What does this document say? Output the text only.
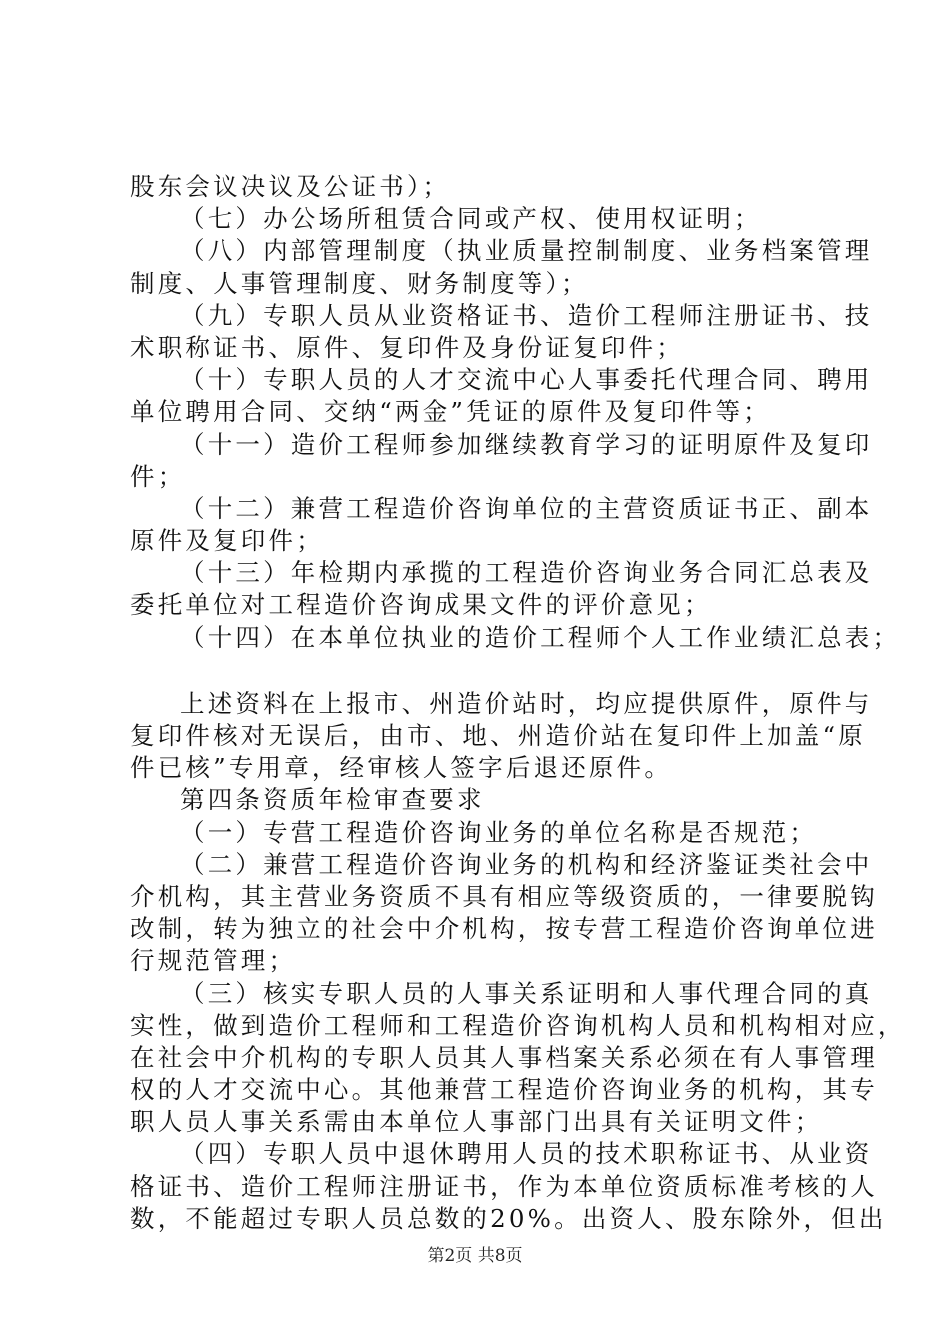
股东会议决议及公证书）；
（七）办公场所租赁合同或产权、使用权证明；
（八）内部管理制度（执业质量控制制度、业务档案管理
制度、人事管理制度、财务制度等）；
（九）专职人员从业资格证书、造价工程师注册证书、技
术职称证书、原件、复印件及身份证复印件；
（十）专职人员的人才交流中心人事委托代理合同、聘用
单位聘用合同、交纳“两金”凭证的原件及复印件等；
（十一）造价工程师参加继续教育学习的证明原件及复印
件；
（十二）兼营工程造价咨询单位的主营资质证书正、副本
原件及复印件；
（十三）年检期内承揽的工程造价咨询业务合同汇总表及
委托单位对工程造价咨询成果文件的评价意见；
（十四）在本单位执业的造价工程师个人工作业绩汇总表；
上述资料在上报市、州造价站时，均应提供原件，原件与
复印件核对无误后，由市、地、州造价站在复印件上加盖“原
件已核”专用章，经审核人签字后退还原件。
第四条资质年检审查要求
（一）专营工程造价咨询业务的单位名称是否规范；
（二）兼营工程造价咨询业务的机构和经济鉴证类社会中
介机构，其主营业务资质不具有相应等级资质的，一律要脱钩
改制，转为独立的社会中介机构，按专营工程造价咨询单位进
行规范管理；
（三）核实专职人员的人事关系证明和人事代理合同的真
实性，做到造价工程师和工程造价咨询机构人员和机构相对应，
在社会中介机构的专职人员其人事档案关系必须在有人事管理
权的人才交流中心。其他兼营工程造价咨询业务的机构，其专
职人员人事关系需由本单位人事部门出具有关证明文件；
（四）专职人员中退休聘用人员的技术职称证书、从业资
格证书、造价工程师注册证书，作为本单位资质标准考核的人
数，不能超过专职人员总数的20%。出资人、股东除外，但出
第2页 共8页
